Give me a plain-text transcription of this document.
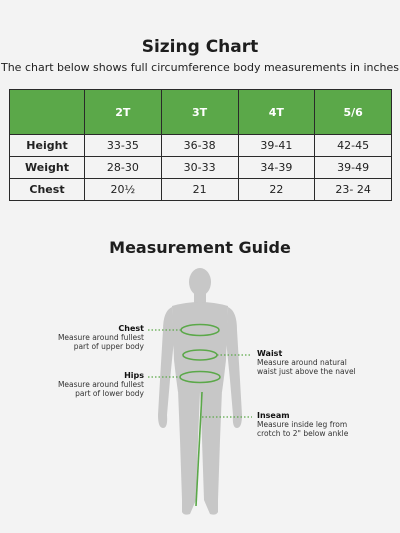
Sizing Chart
The chart below shows full circumference body measurements in inches
	2T	3T	4T	5/6
Height	33-35	36-38	39-41	42-45
Weight	28-30	30-33	34-39	39-49
Chest	20½	21	22	23- 24
Measurement Guide
Chest
Measure around fullest
part of upper body
Waist
Measure around natural
waist just above the navel
Hips
Measure around fullest
part of lower body
Inseam
Measure inside leg from
crotch to 2" below ankle
